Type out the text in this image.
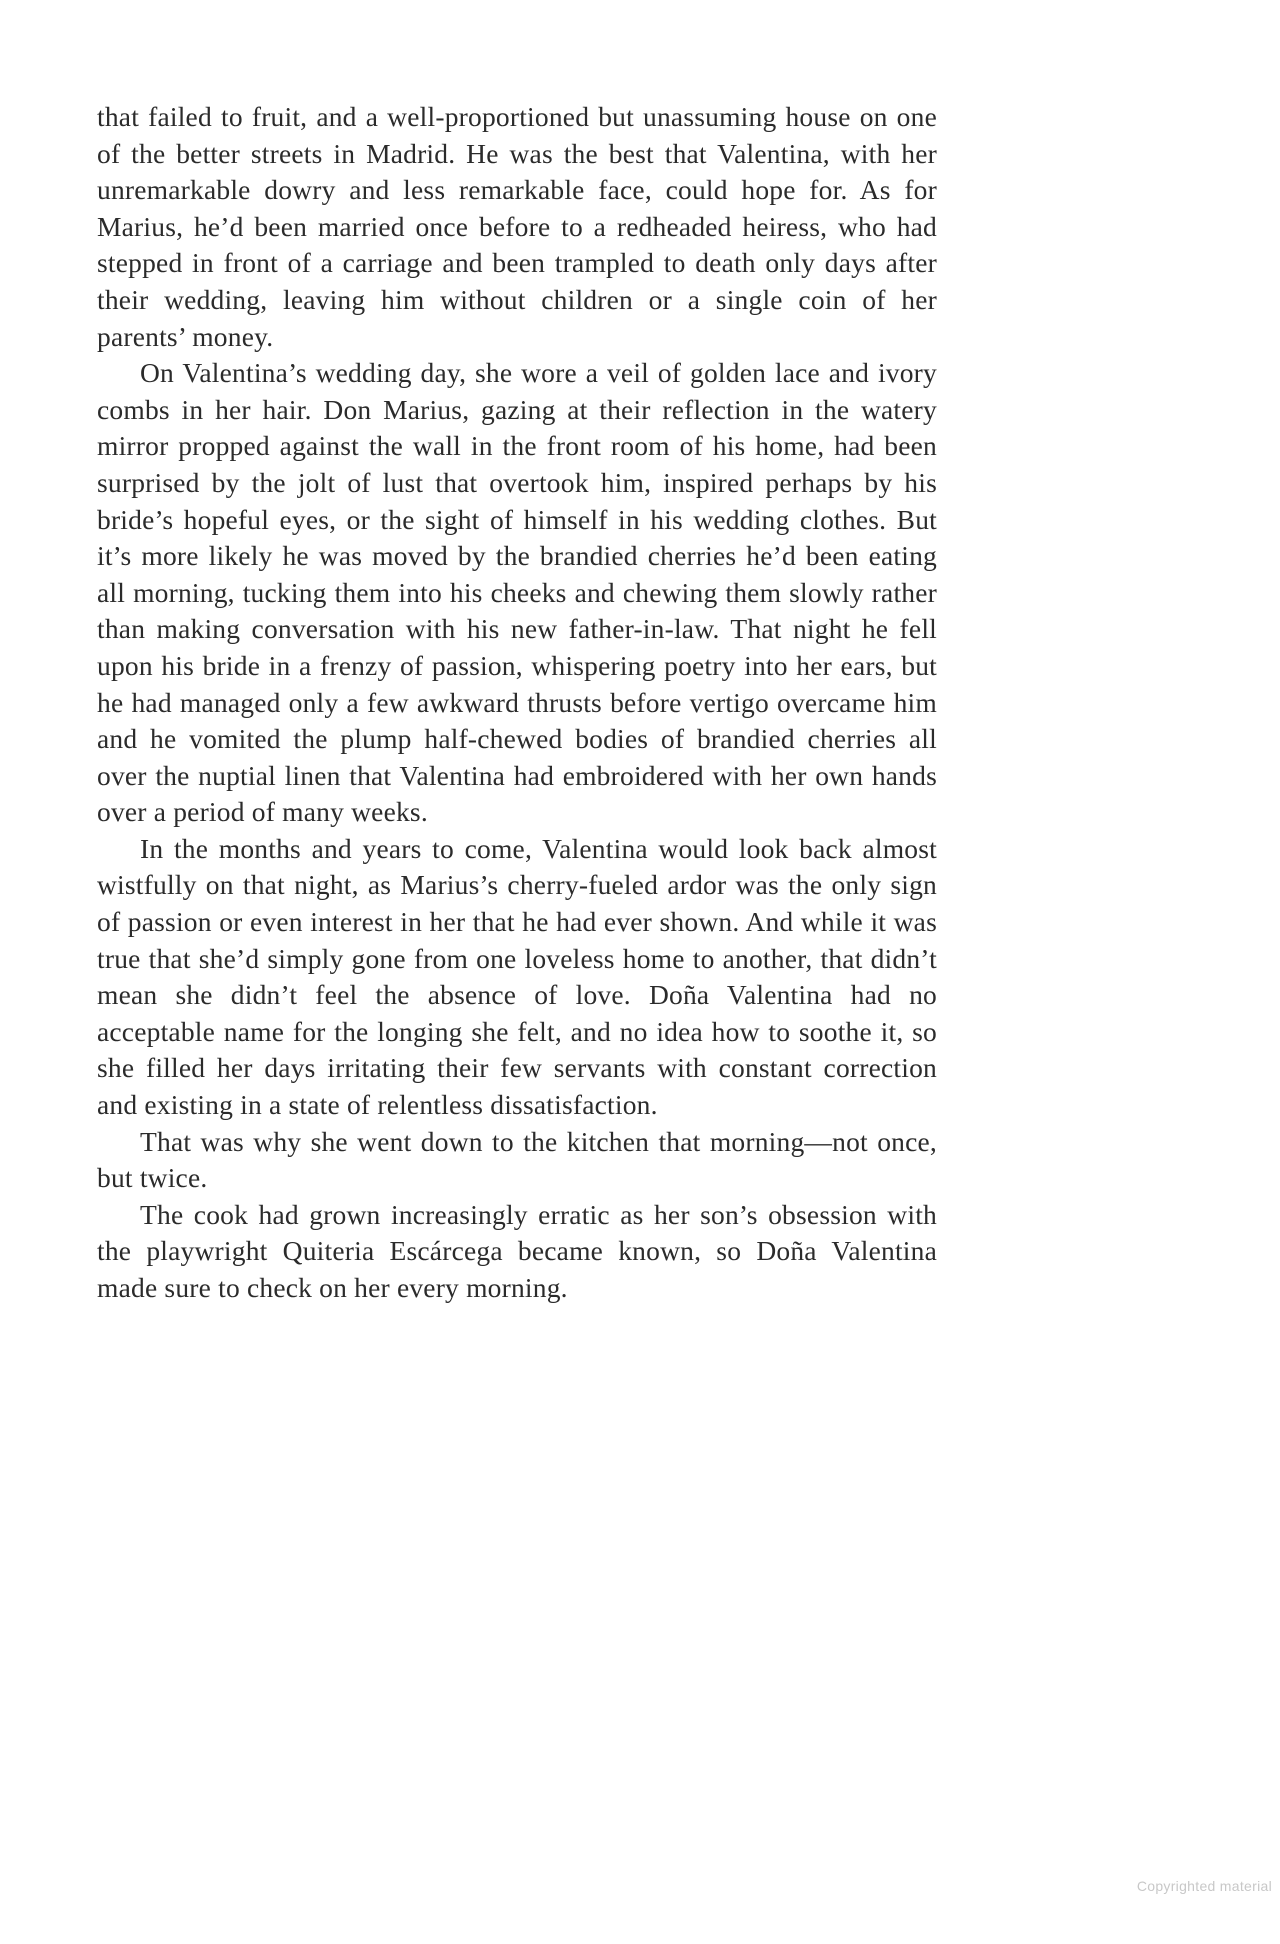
that failed to fruit, and a well-proportioned but unassuming house on one of the better streets in Madrid. He was the best that Valentina, with her unremarkable dowry and less remarkable face, could hope for. As for Marius, he’d been married once before to a redheaded heiress, who had stepped in front of a carriage and been trampled to death only days after their wedding, leaving him without children or a single coin of her parents’ money.

On Valentina’s wedding day, she wore a veil of golden lace and ivory combs in her hair. Don Marius, gazing at their reflection in the watery mirror propped against the wall in the front room of his home, had been surprised by the jolt of lust that overtook him, inspired perhaps by his bride’s hopeful eyes, or the sight of himself in his wedding clothes. But it’s more likely he was moved by the brandied cherries he’d been eating all morning, tucking them into his cheeks and chewing them slowly rather than making conversation with his new father-in-law. That night he fell upon his bride in a frenzy of passion, whispering poetry into her ears, but he had managed only a few awkward thrusts before vertigo overcame him and he vomited the plump half-chewed bodies of brandied cherries all over the nuptial linen that Valentina had embroidered with her own hands over a period of many weeks.

In the months and years to come, Valentina would look back almost wistfully on that night, as Marius’s cherry-fueled ardor was the only sign of passion or even interest in her that he had ever shown. And while it was true that she’d simply gone from one loveless home to another, that didn’t mean she didn’t feel the absence of love. Doña Valentina had no acceptable name for the longing she felt, and no idea how to soothe it, so she filled her days irritating their few servants with constant correction and existing in a state of relentless dissatisfaction.

That was why she went down to the kitchen that morning—not once, but twice.

The cook had grown increasingly erratic as her son’s obsession with the playwright Quiteria Escárcega became known, so Doña Valentina made sure to check on her every morning.

Copyrighted material
